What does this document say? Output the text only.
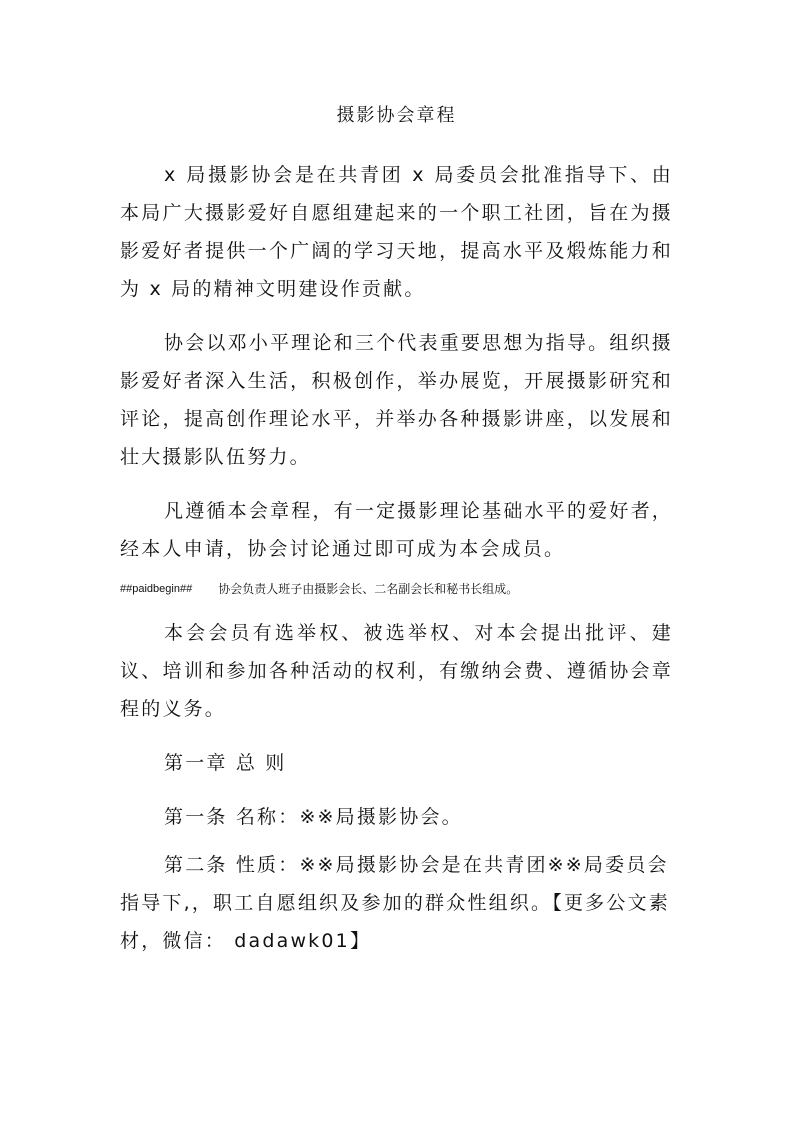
摄影协会章程

x 局摄影协会是在共青团 x 局委员会批准指导下、由本局广大摄影爱好自愿组建起来的一个职工社团，旨在为摄影爱好者提供一个广阔的学习天地，提高水平及煅炼能力和为 x 局的精神文明建设作贡献。

协会以邓小平理论和三个代表重要思想为指导。组织摄影爱好者深入生活，积极创作，举办展览，开展摄影研究和评论，提高创作理论水平，并举办各种摄影讲座，以发展和壮大摄影队伍努力。

凡遵循本会章程，有一定摄影理论基础水平的爱好者，经本人申请，协会讨论通过即可成为本会成员。

##paidbegin## 协会负责人班子由摄影会长、二名副会长和秘书长组成。

本会会员有选举权、被选举权、对本会提出批评、建议、培训和参加各种活动的权利，有缴纳会费、遵循协会章程的义务。

第一章 总 则

第一条 名称：※※局摄影协会。

第二条 性质：※※局摄影协会是在共青团※※局委员会指导下,，职工自愿组织及参加的群众性组织。【更多公文素材，微信： dadawk01】
